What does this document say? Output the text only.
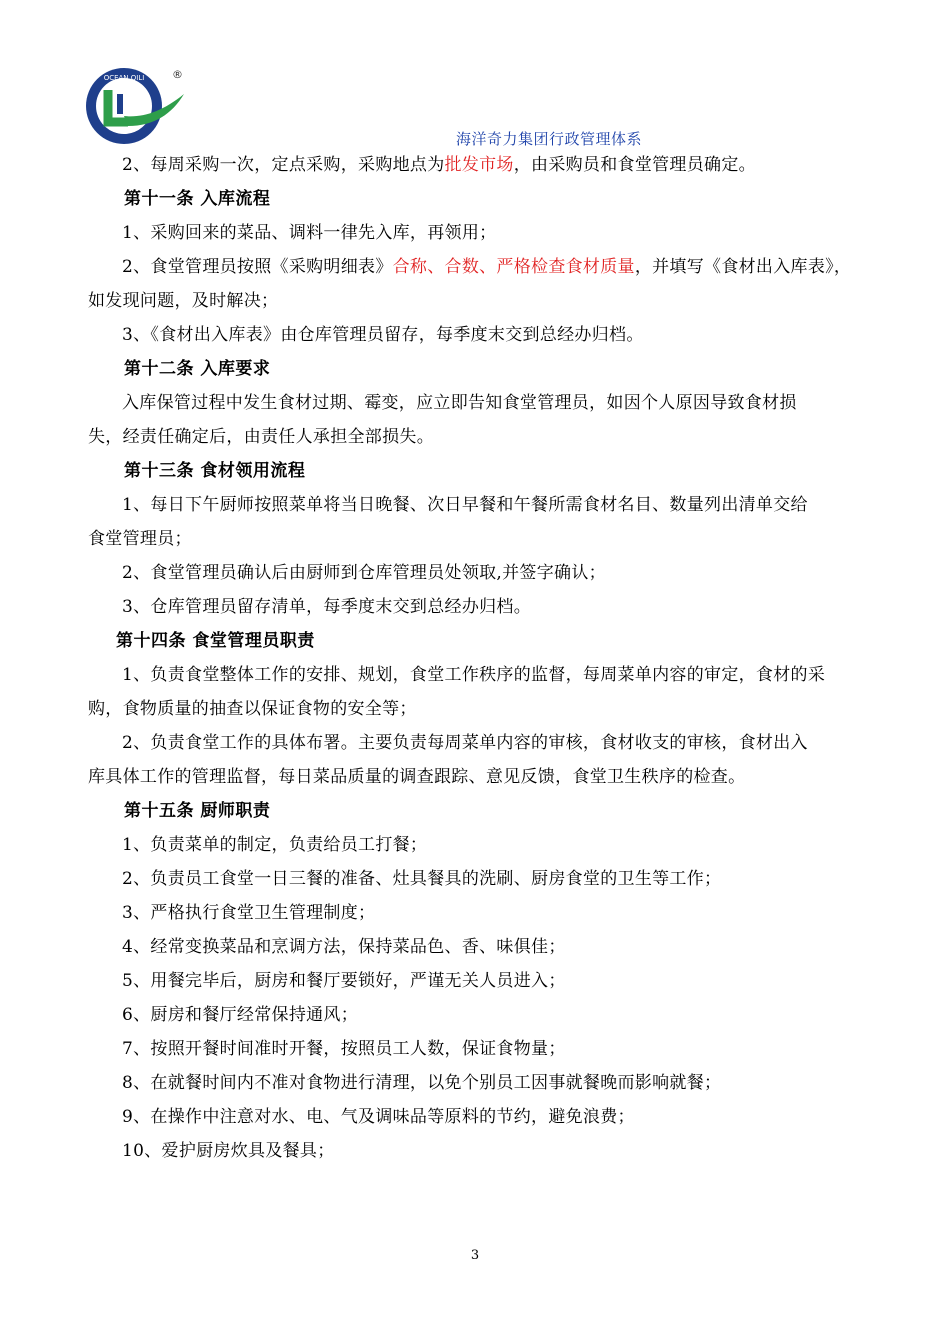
OCEAN QILI	®
海洋奇力集团行政管理体系

2、每周采购一次，定点采购，采购地点为批发市场，由采购员和食堂管理员确定。

第十一条 入库流程

1、采购回来的菜品、调料一律先入库，再领用；

2、食堂管理员按照《采购明细表》合称、合数、严格检查食材质量，并填写《食材出入库表》，

如发现问题，及时解决；

3、《食材出入库表》由仓库管理员留存，每季度末交到总经办归档。

第十二条 入库要求

入库保管过程中发生食材过期、霉变，应立即告知食堂管理员，如因个人原因导致食材损

失，经责任确定后，由责任人承担全部损失。

第十三条 食材领用流程

1、每日下午厨师按照菜单将当日晚餐、次日早餐和午餐所需食材名目、数量列出清单交给

食堂管理员；

2、食堂管理员确认后由厨师到仓库管理员处领取,并签字确认；

3、仓库管理员留存清单，每季度末交到总经办归档。

第十四条 食堂管理员职责

1、负责食堂整体工作的安排、规划，食堂工作秩序的监督，每周菜单内容的审定，食材的采

购，食物质量的抽查以保证食物的安全等；

2、负责食堂工作的具体布署。主要负责每周菜单内容的审核，食材收支的审核，食材出入

库具体工作的管理监督，每日菜品质量的调查跟踪、意见反馈，食堂卫生秩序的检查。

第十五条 厨师职责

1、负责菜单的制定，负责给员工打餐；

2、负责员工食堂一日三餐的准备、灶具餐具的洗刷、厨房食堂的卫生等工作；

3、严格执行食堂卫生管理制度；

4、经常变换菜品和烹调方法，保持菜品色、香、味俱佳；

5、用餐完毕后，厨房和餐厅要锁好，严谨无关人员进入；

6、厨房和餐厅经常保持通风；

7、按照开餐时间准时开餐，按照员工人数，保证食物量；

8、在就餐时间内不准对食物进行清理，以免个别员工因事就餐晚而影响就餐；

9、在操作中注意对水、电、气及调味品等原料的节约，避免浪费；

10、爱护厨房炊具及餐具；

3
